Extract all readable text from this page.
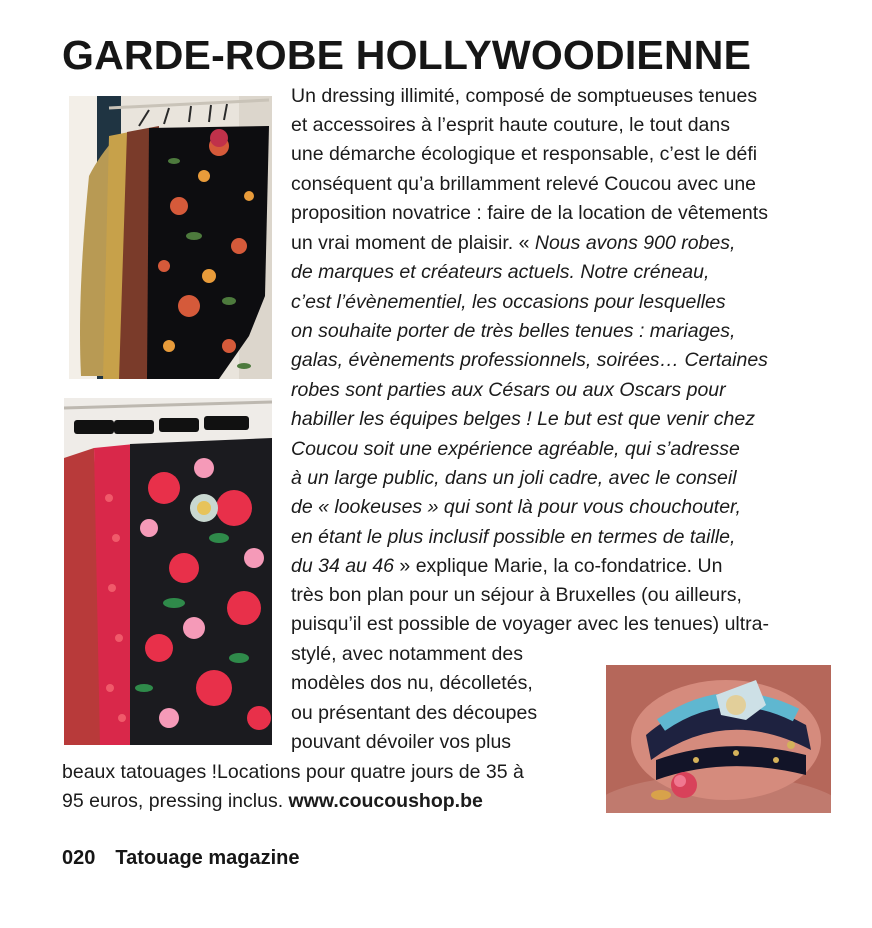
GARDE-ROBE HOLLYWOODIENNE
Un dressing illimité, composé de somptueuses tenues
et accessoires à l’esprit haute couture, le tout dans
une démarche écologique et responsable, c’est le défi
conséquent qu’a brillamment relevé Coucou avec une
proposition novatrice : faire de la location de vêtements
un vrai moment de plaisir. « Nous avons 900 robes,
de marques et créateurs actuels. Notre créneau,
c’est l’évènementiel, les occasions pour lesquelles
on souhaite porter de très belles tenues : mariages,
galas, évènements professionnels, soirées… Certaines
robes sont parties aux Césars ou aux Oscars pour
habiller les équipes belges ! Le but est que venir chez
Coucou soit une expérience agréable, qui s’adresse
à un large public, dans un joli cadre, avec le conseil
de « lookeuses » qui sont là pour vous chouchouter,
en étant le plus inclusif possible en termes de taille,
du 34 au 46 » explique Marie, la co-fondatrice. Un
très bon plan pour un séjour à Bruxelles (ou ailleurs,
puisqu’il est possible de voyager avec les tenues) ultra-
stylé, avec notamment des
modèles dos nu, décolletés,
ou présentant des découpes
pouvant dévoiler vos plus
beaux tatouages !Locations pour quatre jours de 35 à
95 euros, pressing inclus. www.coucoushop.be
020 Tatouage magazine
